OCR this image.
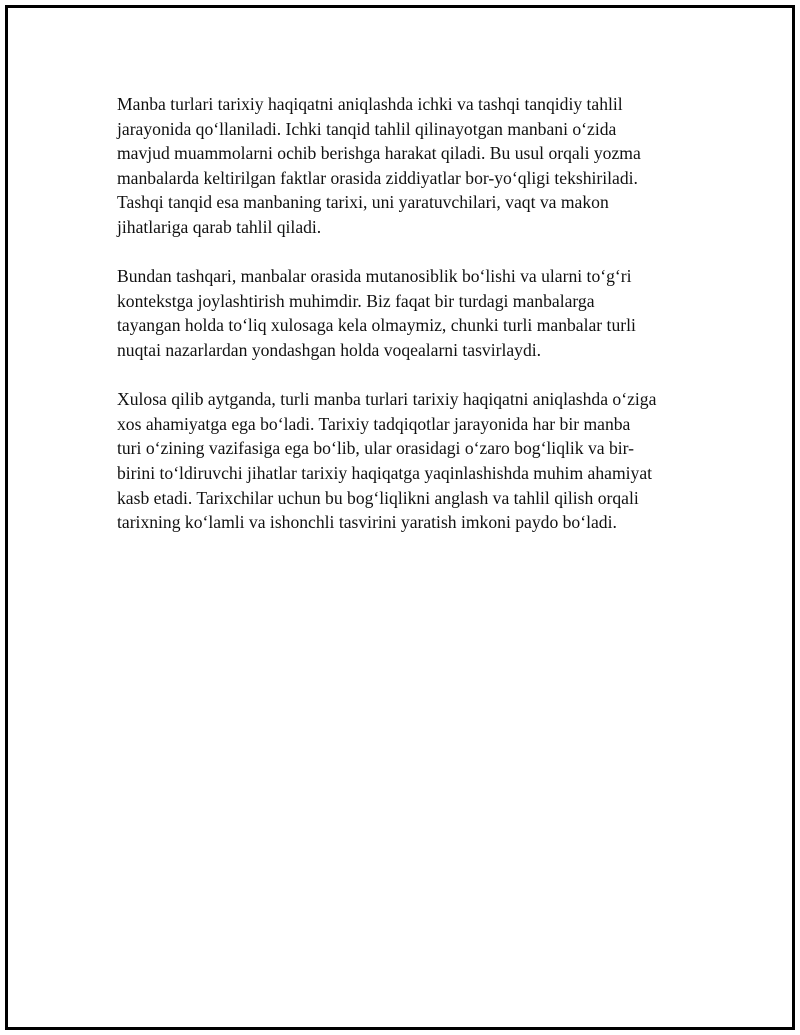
Manba turlari tarixiy haqiqatni aniqlashda ichki va tashqi tanqidiy tahlil
jarayonida qo‘llaniladi. Ichki tanqid tahlil qilinayotgan manbani o‘zida
mavjud muammolarni ochib berishga harakat qiladi. Bu usul orqali yozma
manbalarda keltirilgan faktlar orasida ziddiyatlar bor-yo‘qligi tekshiriladi.
Tashqi tanqid esa manbaning tarixi, uni yaratuvchilari, vaqt va makon
jihatlariga qarab tahlil qiladi.

Bundan tashqari, manbalar orasida mutanosiblik bo‘lishi va ularni to‘g‘ri
kontekstga joylashtirish muhimdir. Biz faqat bir turdagi manbalarga
tayangan holda to‘liq xulosaga kela olmaymiz, chunki turli manbalar turli
nuqtai nazarlardan yondashgan holda voqealarni tasvirlaydi.

Xulosa qilib aytganda, turli manba turlari tarixiy haqiqatni aniqlashda o‘ziga
xos ahamiyatga ega bo‘ladi. Tarixiy tadqiqotlar jarayonida har bir manba
turi o‘zining vazifasiga ega bo‘lib, ular orasidagi o‘zaro bog‘liqlik va bir-
birini to‘ldiruvchi jihatlar tarixiy haqiqatga yaqinlashishda muhim ahamiyat
kasb etadi. Tarixchilar uchun bu bog‘liqlikni anglash va tahlil qilish orqali
tarixning ko‘lamli va ishonchli tasvirini yaratish imkoni paydo bo‘ladi.
